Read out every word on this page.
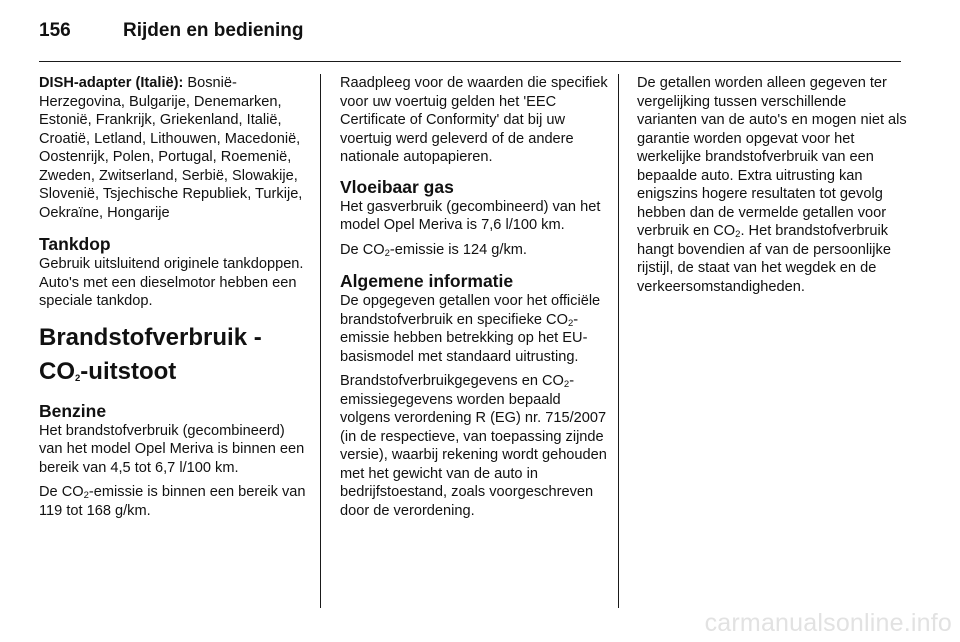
156	Rijden en bediening

DISH-adapter (Italië): Bosnië-Herzegovina, Bulgarije, Denemarken, Estonië, Frankrijk, Griekenland, Italië, Croatië, Letland, Lithouwen, Macedonië, Oostenrijk, Polen, Portugal, Roemenië, Zweden, Zwitserland, Serbië, Slowakije, Slovenië, Tsjechische Republiek, Turkije, Oekraïne, Hongarije

Tankdop

Gebruik uitsluitend originele tankdoppen. Auto's met een dieselmotor hebben een speciale tankdop.

Brandstofverbruik - $CO_2$-uitstoot
Benzine

Het brandstofverbruik (gecombineerd) van het model Opel Meriva is binnen een bereik van 4,5 tot 6,7 l/100 km.

De $CO_2$-emissie is binnen een bereik van 119 tot 168 g/km.

Raadpleeg voor de waarden die specifiek voor uw voertuig gelden het 'EEC Certificate of Conformity' dat bij uw voertuig werd geleverd of de andere nationale autopapieren.

Vloeibaar gas

Het gasverbruik (gecombineerd) van het model Opel Meriva is 7,6 l/100 km.

De $CO_2$-emissie is 124 g/km.

Algemene informatie

De opgegeven getallen voor het officiële brandstofverbruik en specifieke $CO_2$-emissie hebben betrekking op het EU-basismodel met standaard uitrusting.

Brandstofverbruikgegevens en $CO_2$-emissiegegevens worden bepaald volgens verordening R (EG) nr. 715/2007 (in de respectieve, van toepassing zijnde versie), waarbij rekening wordt gehouden met het gewicht van de auto in bedrijfstoestand, zoals voorgeschreven door de verordening.

De getallen worden alleen gegeven ter vergelijking tussen verschillende varianten van de auto's en mogen niet als garantie worden opgevat voor het werkelijke brandstofverbruik van een bepaalde auto. Extra uitrusting kan enigszins hogere resultaten tot gevolg hebben dan de vermelde getallen voor verbruik en $CO_2$. Het brandstofverbruik hangt bovendien af van de persoonlijke rijstijl, de staat van het wegdek en de verkeersomstandigheden.

carmanualsonline.info
